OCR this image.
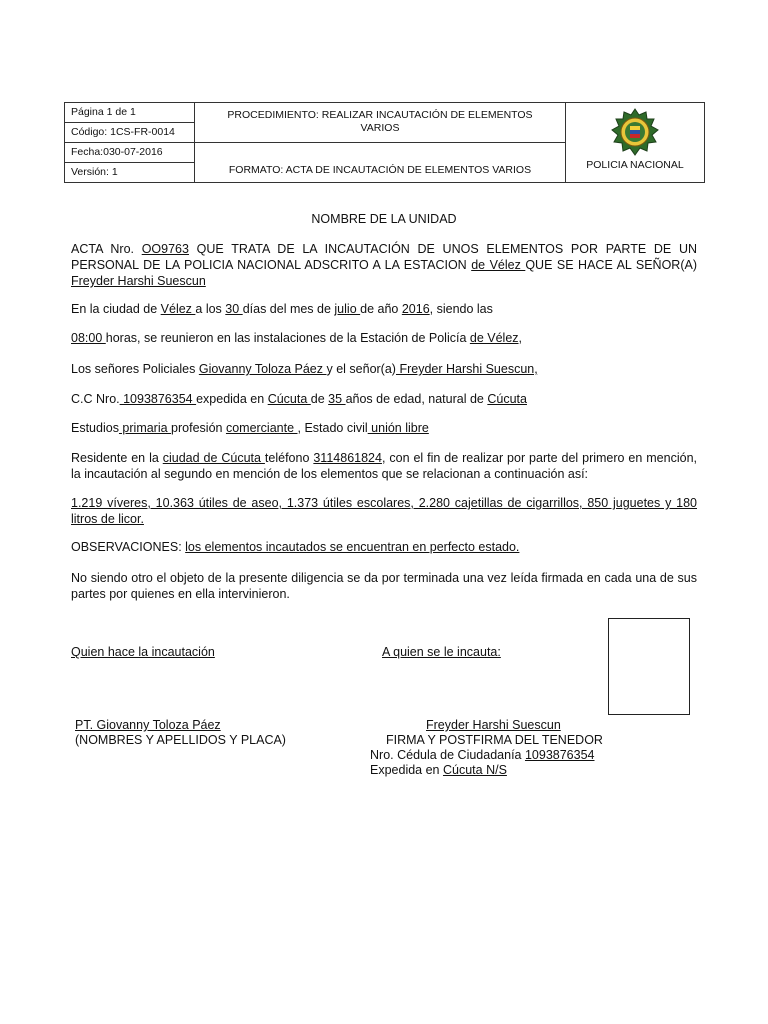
Página 1 de 1
Código: 1CS-FR-0014
Fecha:030-07-2016
Versión: 1
PROCEDIMIENTO: REALIZAR INCAUTACIÓN DE ELEMENTOS VARIOS
FORMATO: ACTA DE INCAUTACIÓN DE ELEMENTOS VARIOS	POLICIA NACIONAL
NOMBRE DE LA UNIDAD
ACTA Nro. OO9763 QUE TRATA DE LA INCAUTACIÓN DE UNOS ELEMENTOS POR PARTE DE UN PERSONAL DE LA POLICIA NACIONAL ADSCRITO A LA ESTACION de Vélez QUE SE HACE AL SEÑOR(A) Freyder Harshi Suescun
En la ciudad de Vélez a los 30 días del mes de julio de año 2016, siendo las
08:00 horas, se reunieron en las instalaciones de la Estación de Policía de Vélez,
Los señores Policiales Giovanny Toloza Páez y el señor(a) Freyder Harshi Suescun,
C.C Nro. 1093876354 expedida en Cúcuta de 35 años de edad, natural de Cúcuta
Estudios primaria profesión comerciante , Estado civil unión libre
Residente en la ciudad de Cúcuta teléfono 3114861824, con el fin de realizar por parte del primero en mención, la incautación al segundo en mención de los elementos que se relacionan a continuación así:
1.219 víveres, 10.363 útiles de aseo, 1.373 útiles escolares, 2.280 cajetillas de cigarrillos, 850 juguetes y 180 litros de licor.
OBSERVACIONES: los elementos incautados se encuentran en perfecto estado.
No siendo otro el objeto de la presente diligencia se da por terminada una vez leída firmada en cada una de sus partes por quienes en ella intervinieron.
Quien hace la incautación	A quien se le incauta:
PT. Giovanny Toloza Páez
(NOMBRES Y APELLIDOS Y PLACA)
Freyder Harshi Suescun
FIRMA Y POSTFIRMA DEL TENEDOR
Nro. Cédula de Ciudadanía 1093876354
Expedida en Cúcuta N/S
